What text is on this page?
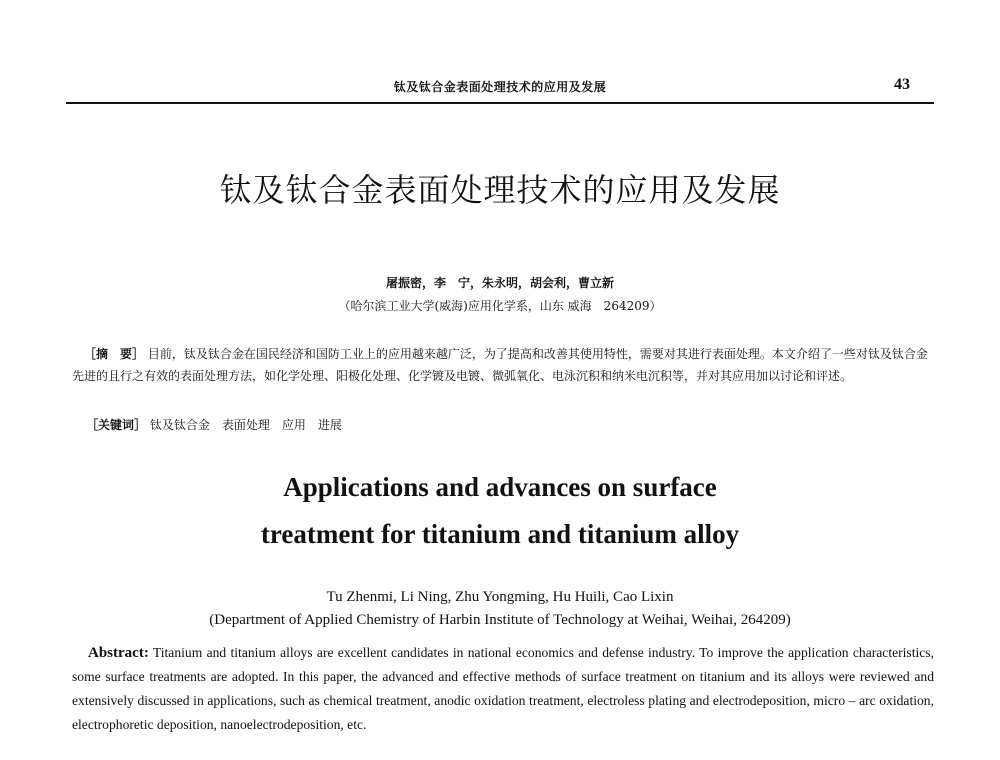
钛及钛合金表面处理技术的应用及发展	43
钛及钛合金表面处理技术的应用及发展
屠振密，李　宁，朱永明，胡会利，曹立新
（哈尔滨工业大学(威海)应用化学系，山东 威海　264209）
［摘　要］ 目前，钛及钛合金在国民经济和国防工业上的应用越来越广泛，为了提高和改善其使用特性，需要对其进行表面处理。本文介绍了一些对钛及钛合金先进的且行之有效的表面处理方法，如化学处理、阳极化处理、化学镀及电镀、微弧氧化、电泳沉积和纳米电沉积等，并对其应用加以讨论和评述。
［关键词］ 钛及钛合金　表面处理　应用　进展
Applications and advances on surface
treatment for titanium and titanium alloy
Tu Zhenmi, Li Ning, Zhu Yongming, Hu Huili, Cao Lixin
(Department of Applied Chemistry of Harbin Institute of Technology at Weihai, Weihai, 264209)
Abstract: Titanium and titanium alloys are excellent candidates in national economics and defense industry. To improve the application characteristics, some surface treatments are adopted. In this paper, the advanced and effective methods of surface treatment on titanium and its alloys were reviewed and extensively discussed in applications, such as chemical treatment, anodic oxidation treatment, electroless plating and electrodeposition, micro – arc oxidation, electrophoretic deposition, nanoelectrodeposition, etc.
